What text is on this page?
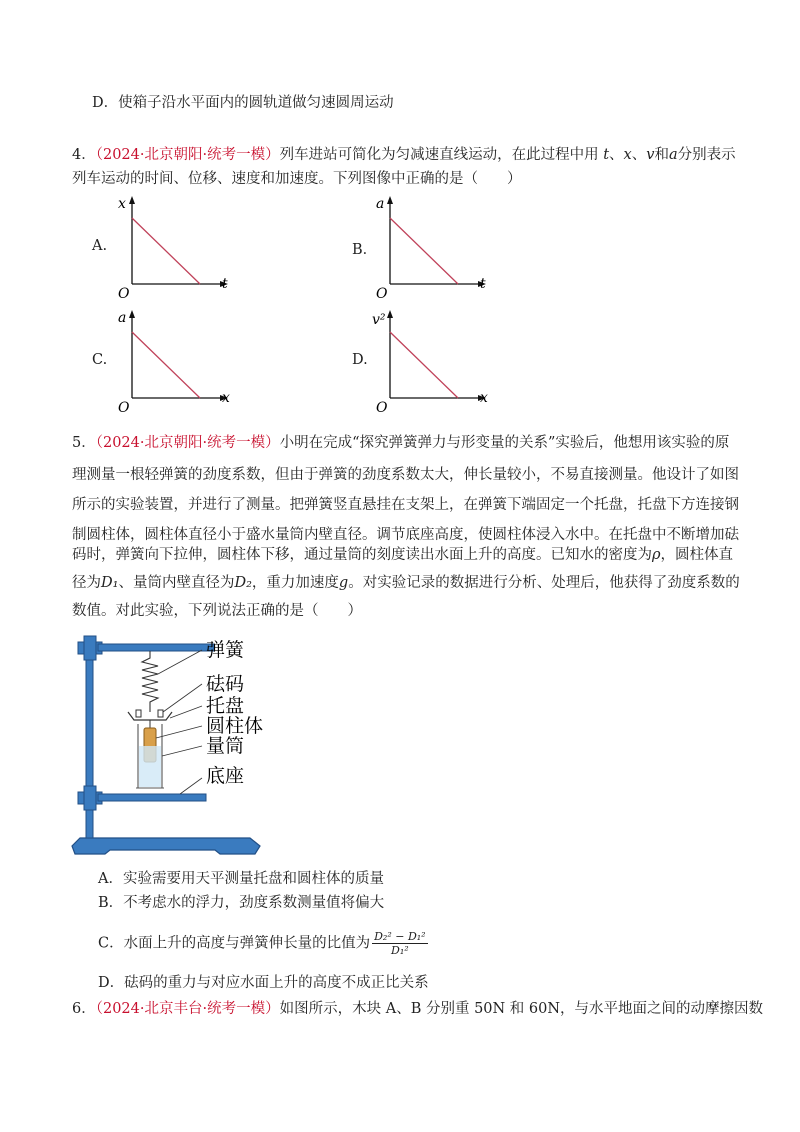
D．使箱子沿水平面内的圆轨道做匀速圆周运动
4．（2024·北京朝阳·统考一模）列车进站可简化为匀减速直线运动，在此过程中用 t、x、v和a分别表示
列车运动的时间、位移、速度和加速度。下列图像中正确的是（　　）
A.
x
t
O
B．
a
t
O
C.
a
x
O
D.
v²
x
O
5．（2024·北京朝阳·统考一模）小明在完成“探究弹簧弹力与形变量的关系”实验后，他想用该实验的原
理测量一根轻弹簧的劲度系数，但由于弹簧的劲度系数太大，伸长量较小，不易直接测量。他设计了如图
所示的实验装置，并进行了测量。把弹簧竖直悬挂在支架上，在弹簧下端固定一个托盘，托盘下方连接钢
制圆柱体，圆柱体直径小于盛水量筒内壁直径。调节底座高度，使圆柱体浸入水中。在托盘中不断增加砝
码时，弹簧向下拉伸，圆柱体下移，通过量筒的刻度读出水面上升的高度。已知水的密度为ρ，圆柱体直
径为D₁、量筒内壁直径为D₂，重力加速度g。对实验记录的数据进行分析、处理后，他获得了劲度系数的
数值。对此实验，下列说法正确的是（　　）
弹簧
砝码
托盘
圆柱体
量筒
底座
A．实验需要用天平测量托盘和圆柱体的质量
B．不考虑水的浮力，劲度系数测量值将偏大
C．水面上升的高度与弹簧伸长量的比值为 $\frac{\text{D₂² − D₁²}}{\text{D₁²}}$
D．砝码的重力与对应水面上升的高度不成正比关系
6．（2024·北京丰台·统考一模）如图所示，木块 A、B 分别重 50N 和 60N，与水平地面之间的动摩擦因数
